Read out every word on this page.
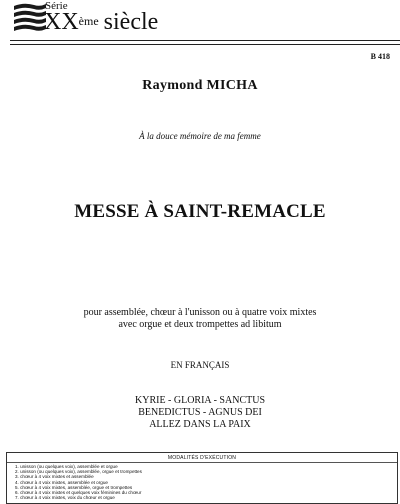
Série
XXème siècle
B 418
Raymond MICHA
À la douce mémoire de ma femme
MESSE À SAINT-REMACLE
pour assemblée, chœur à l'unisson ou à quatre voix mixtes
avec orgue et deux trompettes ad libitum
EN FRANÇAIS
KYRIE - GLORIA - SANCTUS
BENEDICTUS - AGNUS DEI
ALLEZ DANS LA PAIX
MODALITÉS D'EXÉCUTION
1. unisson (ou quelques voix), assemblée et orgue
2. unisson (ou quelques voix), assemblée, orgue et trompettes
3. chœur à 4 voix mixtes et assemblée
4. chœur à 4 voix mixtes, assemblée et orgue
5. chœur à 4 voix mixtes, assemblée, orgue et trompettes
6. chœur à 4 voix mixtes et quelques voix féminines du chœur
7. chœur à 4 voix mixtes, voix du chœur et orgue
